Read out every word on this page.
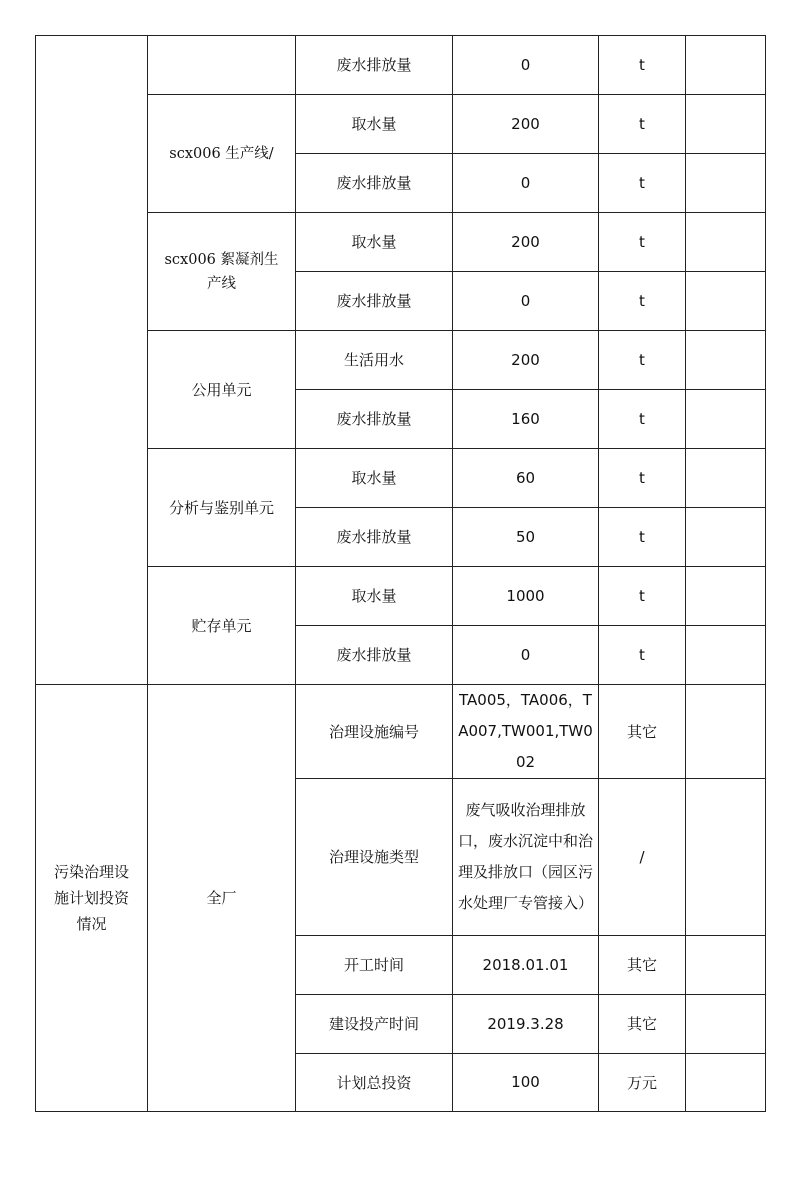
		废水排放量	0	t	
	scx006 生产线/	取水量	200	t	
		废水排放量	0	t	
	scx006 絮凝剂生产线	取水量	200	t	
		废水排放量	0	t	
	公用单元	生活用水	200	t	
		废水排放量	160	t	
	分析与鉴别单元	取水量	60	t	
		废水排放量	50	t	
	贮存单元	取水量	1000	t	
		废水排放量	0	t	
污染治理设施计划投资情况	全厂	治理设施编号	TA005，TA006，TA007,TW001,TW002	其它	
		治理设施类型	废气吸收治理排放口，废水沉淀中和治理及排放口（园区污水处理厂专管接入）	/	
		开工时间	2018.01.01	其它	
		建设投产时间	2019.3.28	其它	
		计划总投资	100	万元	
